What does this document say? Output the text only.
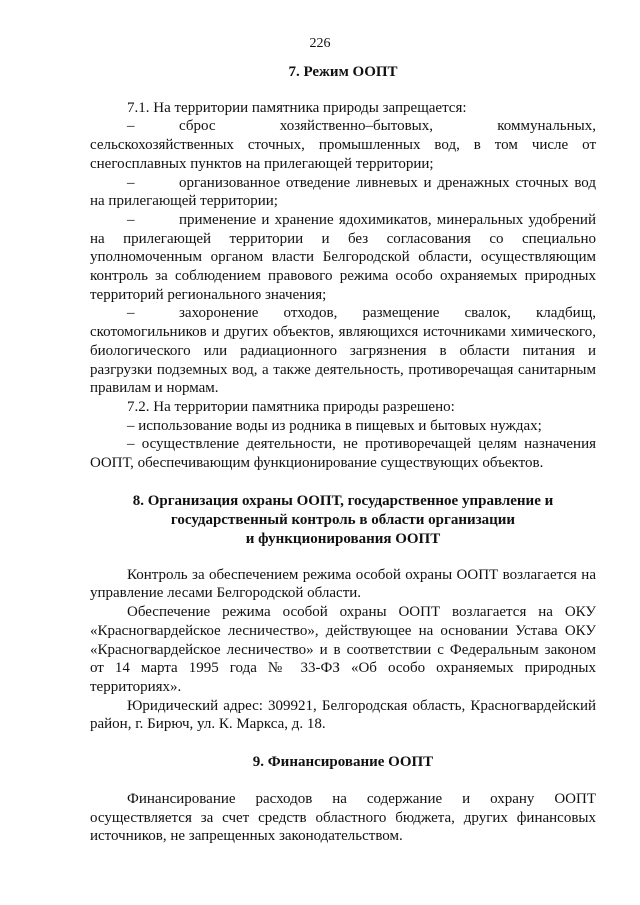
226

7. Режим ООПТ

7.1. На территории памятника природы запрещается:

–	сброс хозяйственно–бытовых, коммунальных, сельскохозяйственных сточных, промышленных вод, в том числе от снегосплавных пунктов на прилегающей территории;

–	организованное отведение ливневых и дренажных сточных вод на прилегающей территории;

–	применение и хранение ядохимикатов, минеральных удобрений на прилегающей территории и без согласования со специально уполномоченным органом власти Белгородской области, осуществляющим контроль за соблюдением правового режима особо охраняемых природных территорий регионального значения;

–	захоронение отходов, размещение свалок, кладбищ, скотомогильников и других объектов, являющихся источниками химического, биологического или радиационного загрязнения в области питания и разгрузки подземных вод, а также деятельность, противоречащая санитарным правилам и нормам.

7.2. На территории памятника природы разрешено:

– использование воды из родника в пищевых и бытовых нуждах;

– осуществление деятельности, не противоречащей целям назначения ООПТ, обеспечивающим функционирование существующих объектов.

8. Организация охраны ООПТ, государственное управление и
государственный контроль в области организации
и функционирования ООПТ

Контроль за обеспечением режима особой охраны ООПТ возлагается на управление лесами Белгородской области.

Обеспечение режима особой охраны ООПТ возлагается на ОКУ «Красногвардейское лесничество», действующее на основании Устава ОКУ «Красногвардейское лесничество» и в соответствии с Федеральным законом от 14 марта 1995 года № 33-ФЗ «Об особо охраняемых природных территориях».

Юридический адрес: 309921, Белгородская область, Красногвардейский район, г. Бирюч, ул. К. Маркса, д. 18.

9. Финансирование ООПТ

Финансирование расходов на содержание и охрану ООПТ осуществляется за счет средств областного бюджета, других финансовых источников, не запрещенных законодательством.
